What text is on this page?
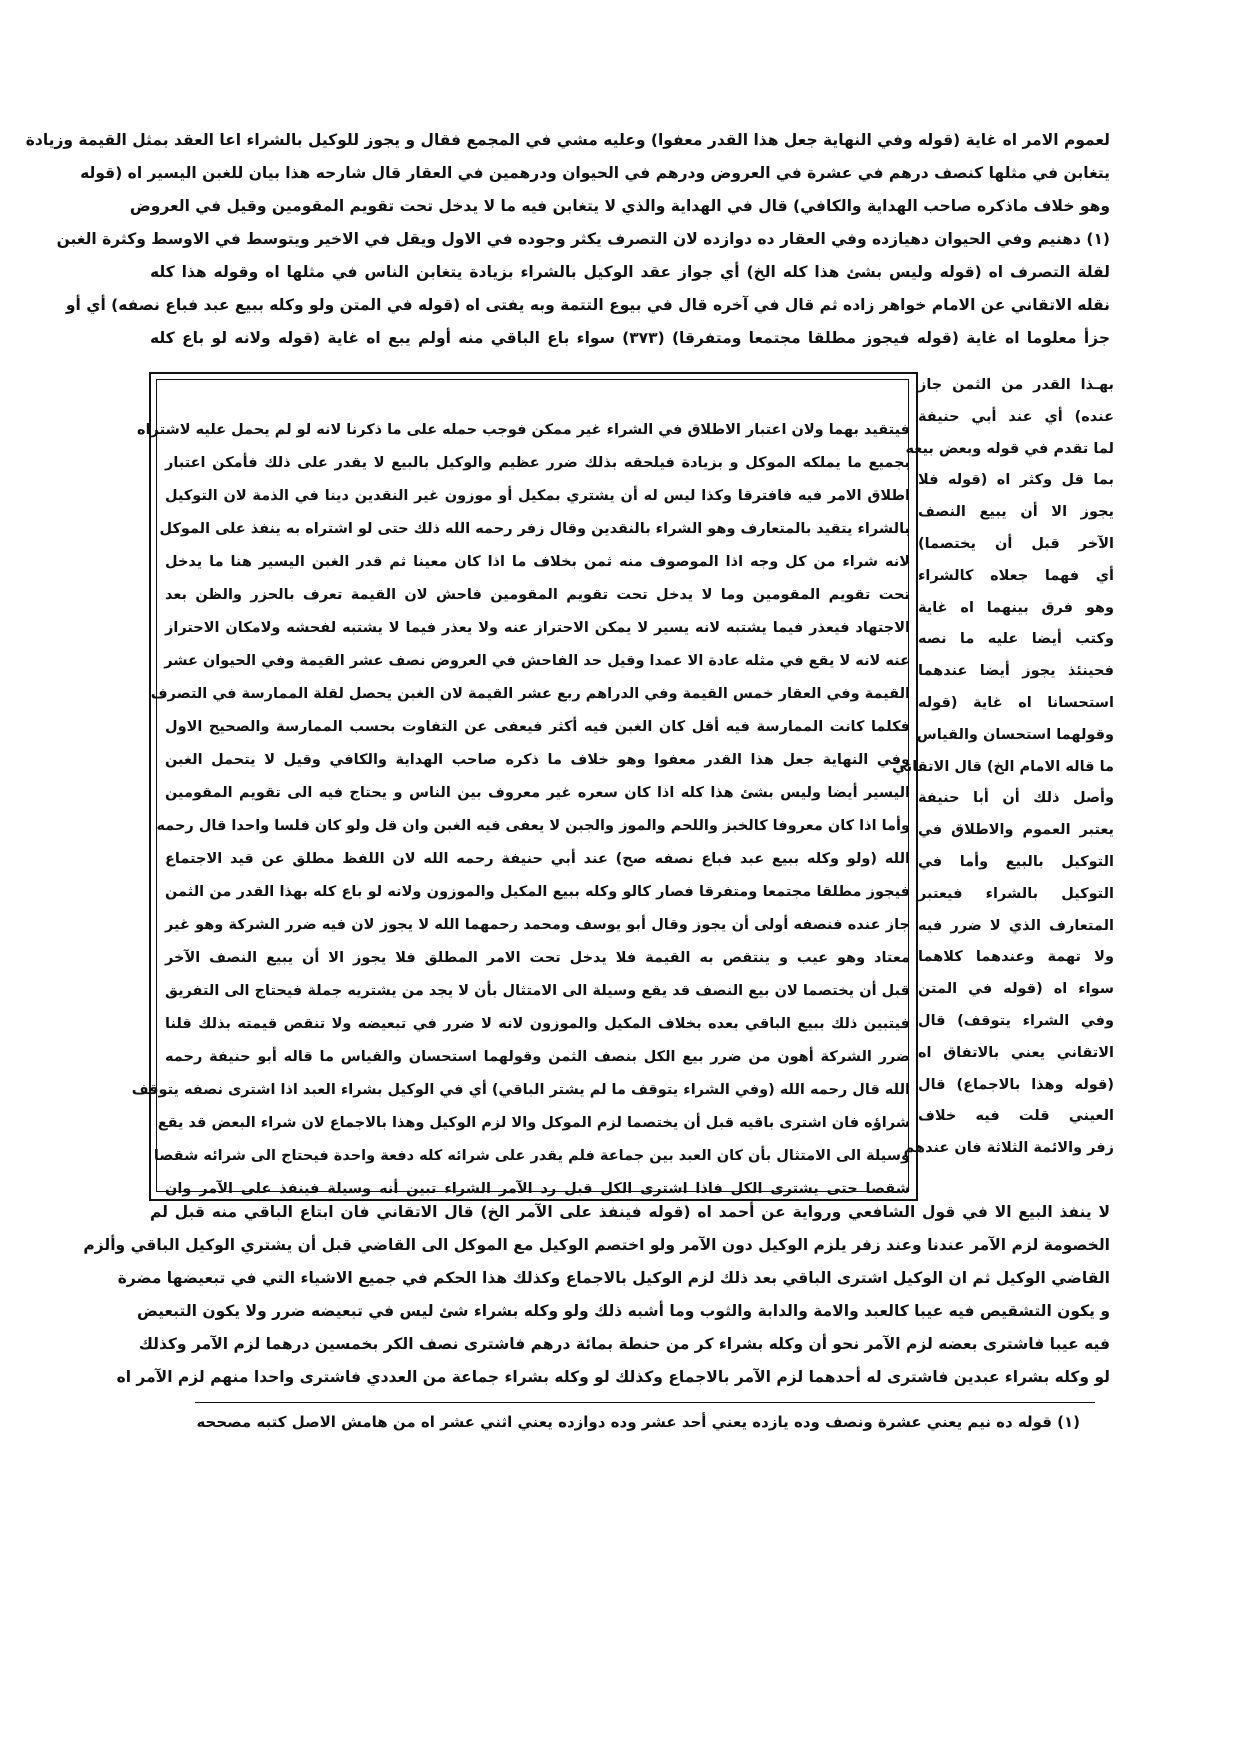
لعموم الامر اه غاية (قوله وفي النهاية جعل هذا القدر معفوا) وعليه مشي في المجمع فقال و يجوز للوكيل بالشراء اعا العقد بمثل القيمة وزيادة
يتغابن في مثلها كنصف درهم في عشرة في العروض ودرهم في الحيوان ودرهمين في العقار قال شارحه هذا بيان للغبن اليسير اه (قوله
وهو خلاف ماذكره صاحب الهداية والكافي) قال في الهداية والذي لا يتغابن فيه ما لا يدخل تحت تقويم المقومين وقيل في العروض
(١) دهنيم وفي الحيوان دهيازده وفي العقار ده دوازده لان التصرف يكثر وجوده في الاول ويقل في الاخير ويتوسط في الاوسط وكثرة الغبن
لقلة التصرف اه (قوله وليس بشئ هذا كله الخ) أي جواز عقد الوكيل بالشراء بزيادة يتغابن الناس في مثلها اه وقوله هذا كله
نقله الاتقاني عن الامام خواهر زاده ثم قال في آخره قال في بيوع التتمة وبه يفتى اه (قوله في المتن ولو وكله ببيع عبد فباع نصفه) أي أو
جزأ معلوما اه غاية (قوله فيجوز مطلقا مجتمعا ومتفرقا) (٣٧٣) سواء باع الباقي منه أولم يبع اه غاية (قوله ولانه لو باع كله
بهـذا القدر من الثمن جاز
عنده) أي عند أبي حنيفة
لما تقدم في قوله وبعض بيعه
بما قل وكثر اه (قوله فلا
يجوز الا أن يبيع النصف
الآخر قبل أن يختصما)
أي فهما جعلاه كالشراء
وهو فرق بينهما اه غاية
وكتب أيضا عليه ما نصه
فحينئذ يجوز أيضا عندهما
استحسانا اه غاية (قوله
وقولهما استحسان والقياس
ما قاله الامام الخ) قال الاتقاني
وأصل ذلك أن أبا حنيفة
يعتبر العموم والاطلاق في
التوكيل بالبيع وأما في
التوكيل بالشراء فيعتبر
المتعارف الذي لا ضرر فيه
ولا تهمة وعندهما كلاهما
سواء اه (قوله في المتن
وفي الشراء يتوقف) قال
الاتقاني يعني بالاتفاق اه
(قوله وهذا بالاجماع) قال
العيني قلت فيه خلاف
زفر والائمة الثلاثة فان عندهم
فيتقيد بهما ولان اعتبار الاطلاق في الشراء غير ممكن فوجب حمله على ما ذكرنا لانه لو لم يحمل عليه لاشتراه
بجميع ما يملكه الموكل و بزيادة فيلحقه بذلك ضرر عظيم والوكيل بالبيع لا يقدر على ذلك فأمكن اعتبار
اطلاق الامر فيه فافترقا وكذا ليس له أن يشتري بمكيل أو موزون غير النقدين دينا في الذمة لان التوكيل
بالشراء يتقيد بالمتعارف وهو الشراء بالنقدين وقال زفر رحمه الله ذلك حتى لو اشتراه به ينفذ على الموكل
لانه شراء من كل وجه اذا الموصوف منه ثمن بخلاف ما اذا كان معينا ثم قدر الغبن اليسير هنا ما يدخل
تحت تقويم المقومين وما لا يدخل تحت تقويم المقومين فاحش لان القيمة تعرف بالحزر والظن بعد
الاجتهاد فيعذر فيما يشتبه لانه يسير لا يمكن الاحتراز عنه ولا يعذر فيما لا يشتبه لفحشه ولامكان الاحتراز
عنه لانه لا يقع في مثله عادة الا عمدا وقيل حد الفاحش في العروض نصف عشر القيمة وفي الحيوان عشر
القيمة وفي العقار خمس القيمة وفي الدراهم ربع عشر القيمة لان الغبن يحصل لقلة الممارسة في التصرف
فكلما كانت الممارسة فيه أقل كان الغبن فيه أكثر فيعفى عن التفاوت بحسب الممارسة والصحيح الاول
وفي النهاية جعل هذا القدر معفوا وهو خلاف ما ذكره صاحب الهداية والكافي وقيل لا يتحمل الغبن
اليسير أيضا وليس بشئ هذا كله اذا كان سعره غير معروف بين الناس و يحتاج فيه الى تقويم المقومين
وأما اذا كان معروفا كالخبز واللحم والموز والجبن لا يعفى فيه الغبن وان قل ولو كان فلسا واحدا قال رحمه
الله (ولو وكله ببيع عبد فباع نصفه صح) عند أبي حنيفة رحمه الله لان اللفظ مطلق عن قيد الاجتماع
فيجوز مطلقا مجتمعا ومتفرقا فصار كالو وكله ببيع المكيل والموزون ولانه لو باع كله بهذا القدر من الثمن
جاز عنده فنصفه أولى أن يجوز وقال أبو يوسف ومحمد رحمهما الله لا يجوز لان فيه ضرر الشركة وهو غير
معتاد وهو عيب و ينتقص به القيمة فلا يدخل تحت الامر المطلق فلا يجوز الا أن يبيع النصف الآخر
قبل أن يختصما لان بيع النصف قد يقع وسيلة الى الامتثال بأن لا يجد من يشتريه جملة فيحتاج الى التفريق
فيتبين ذلك ببيع الباقي بعده بخلاف المكيل والموزون لانه لا ضرر في تبعيضه ولا تنقص قيمته بذلك قلنا
ضرر الشركة أهون من ضرر بيع الكل بنصف الثمن وقولهما استحسان والقياس ما قاله أبو حنيفة رحمه
الله قال رحمه الله (وفي الشراء يتوقف ما لم يشتر الباقي) أي في الوكيل بشراء العبد اذا اشترى نصفه يتوقف
شراؤه فان اشترى باقيه قبل أن يختصما لزم الموكل والا لزم الوكيل وهذا بالاجماع لان شراء البعض قد يقع
وسيلة الى الامتثال بأن كان العبد بين جماعة فلم يقدر على شرائه كله دفعة واحدة فيحتاج الى شرائه شقصا
شقصا حتى يشترى الكل فاذا اشترى الكل قبل رد الآمر الشراء تبين أنه وسيلة فينفذ على الآمر وان
لا ينفذ البيع الا في قول الشافعي ورواية عن أحمد اه (قوله فينفذ على الآمر الخ) قال الاتقاني فان ابتاع الباقي منه قبل لم
الخصومة لزم الآمر عندنا وعند زفر يلزم الوكيل دون الآمر ولو اختصم الوكيل مع الموكل الى القاضي قبل أن يشتري الوكيل الباقي وألزم
القاضي الوكيل ثم ان الوكيل اشترى الباقي بعد ذلك لزم الوكيل بالاجماع وكذلك هذا الحكم في جميع الاشياء التي في تبعيضها مضرة
و يكون التشقيص فيه عيبا كالعبد والامة والدابة والثوب وما أشبه ذلك ولو وكله بشراء شئ ليس في تبعيضه ضرر ولا يكون التبعيض
فيه عيبا فاشترى بعضه لزم الآمر نحو أن وكله بشراء كر من حنطة بمائة درهم فاشترى نصف الكر بخمسين درهما لزم الآمر وكذلك
لو وكله بشراء عبدين فاشترى له أحدهما لزم الآمر بالاجماع وكذلك لو وكله بشراء جماعة من العددي فاشترى واحدا منهم لزم الآمر اه
(١) قوله ده نيم يعني عشرة ونصف وده يازده يعني أحد عشر وده دوازده يعني اثني عشر اه من هامش الاصل كتبه مصححه
